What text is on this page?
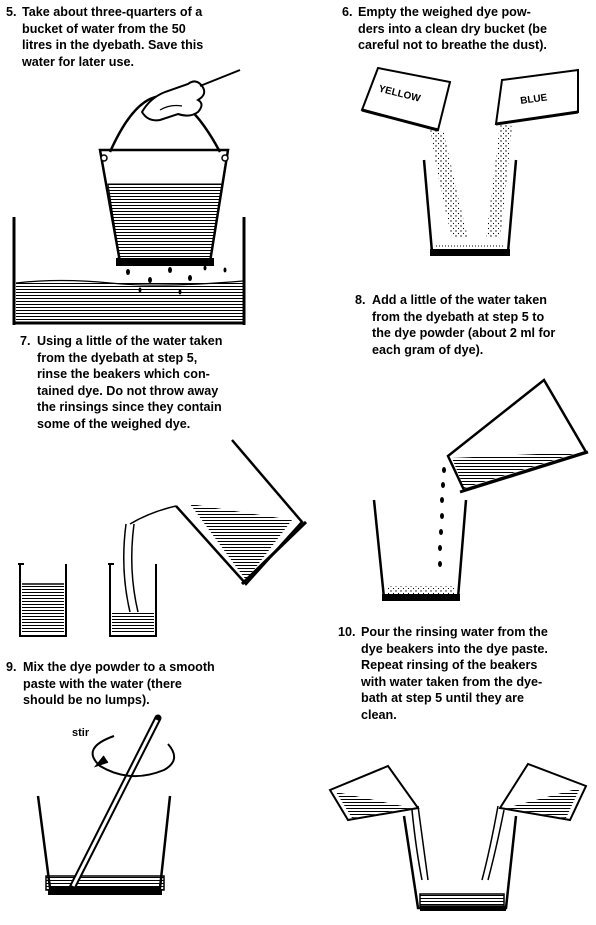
5. Take about three-quarters of a
bucket of water from the 50
litres in the dyebath. Save this
water for later use.
6. Empty the weighed dye pow-
ders into a clean dry bucket (be
careful not to breathe the dust).
7. Using a little of the water taken
from the dyebath at step 5,
rinse the beakers which con-
tained dye. Do not throw away
the rinsings since they contain
some of the weighed dye.
8. Add a little of the water taken
from the dyebath at step 5 to
the dye powder (about 2 ml for
each gram of dye).
9. Mix the dye powder to a smooth
paste with the water (there
should be no lumps).
10. Pour the rinsing water from the
dye beakers into the dye paste.
Repeat rinsing of the beakers
with water taken from the dye-
bath at step 5 until they are
clean.
YELLOW	BLUE
stir
